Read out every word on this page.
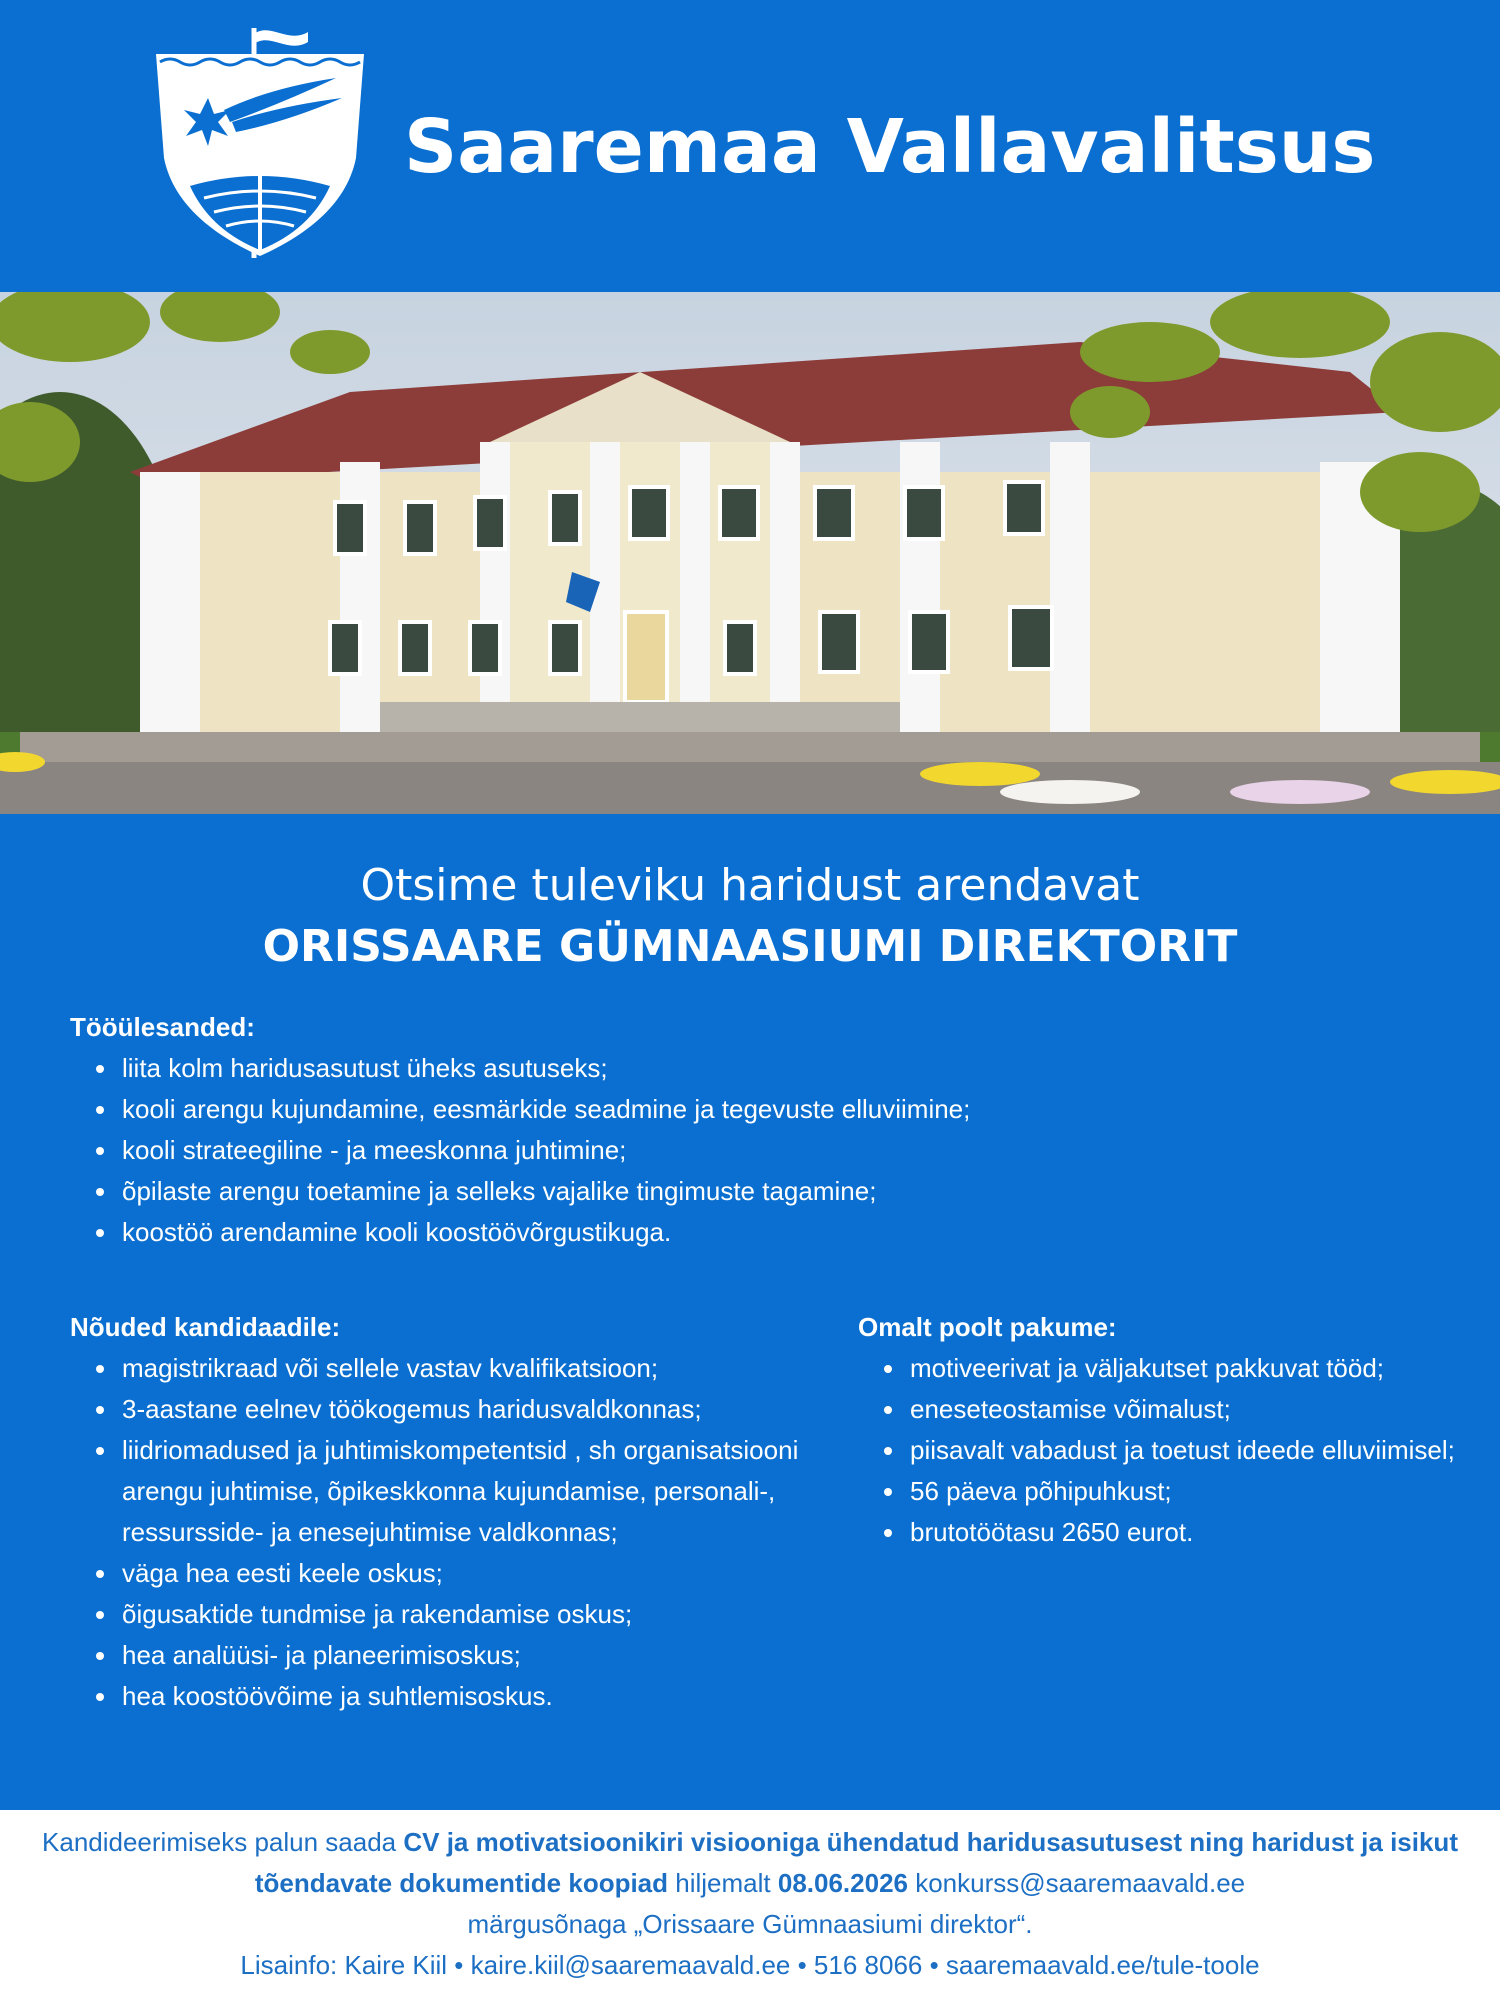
Saaremaa Vallavalitsus
Otsime tuleviku haridust arendavat
ORISSAARE GÜMNAASIUMI DIREKTORIT
Tööülesanded:
liita kolm haridusasutust üheks asutuseks;
kooli arengu kujundamine, eesmärkide seadmine ja tegevuste elluviimine;
kooli strateegiline - ja meeskonna juhtimine;
õpilaste arengu toetamine ja selleks vajalike tingimuste tagamine;
koostöö arendamine kooli koostöövõrgustikuga.
Nõuded kandidaadile:
magistrikraad või sellele vastav kvalifikatsioon;
3-aastane eelnev töökogemus haridusvaldkonnas;
liidriomadused ja juhtimiskompetentsid , sh organisatsiooni arengu juhtimise, õpikeskkonna kujundamise, personali-, ressursside- ja enesejuhtimise valdkonnas;
väga hea eesti keele oskus;
õigusaktide tundmise ja rakendamise oskus;
hea analüüsi- ja planeerimisoskus;
hea koostöövõime ja suhtlemisoskus.
Omalt poolt pakume:
motiveerivat ja väljakutset pakkuvat tööd;
eneseteostamise võimalust;
piisavalt vabadust ja toetust ideede elluviimisel;
56 päeva põhipuhkust;
brutotöötasu 2650 eurot.

Kandideerimiseks palun saada CV ja motivatsioonikiri visiooniga ühendatud haridusasutusest ning haridust ja isikut tõendavate dokumentide koopiad hiljemalt 08.06.2026 konkurss@saaremaavald.ee

märgusõnaga „Orissaare Gümnaasiumi direktor“.

Lisainfo: Kaire Kiil • kaire.kiil@saaremaavald.ee • 516 8066 • saaremaavald.ee/tule-toole
